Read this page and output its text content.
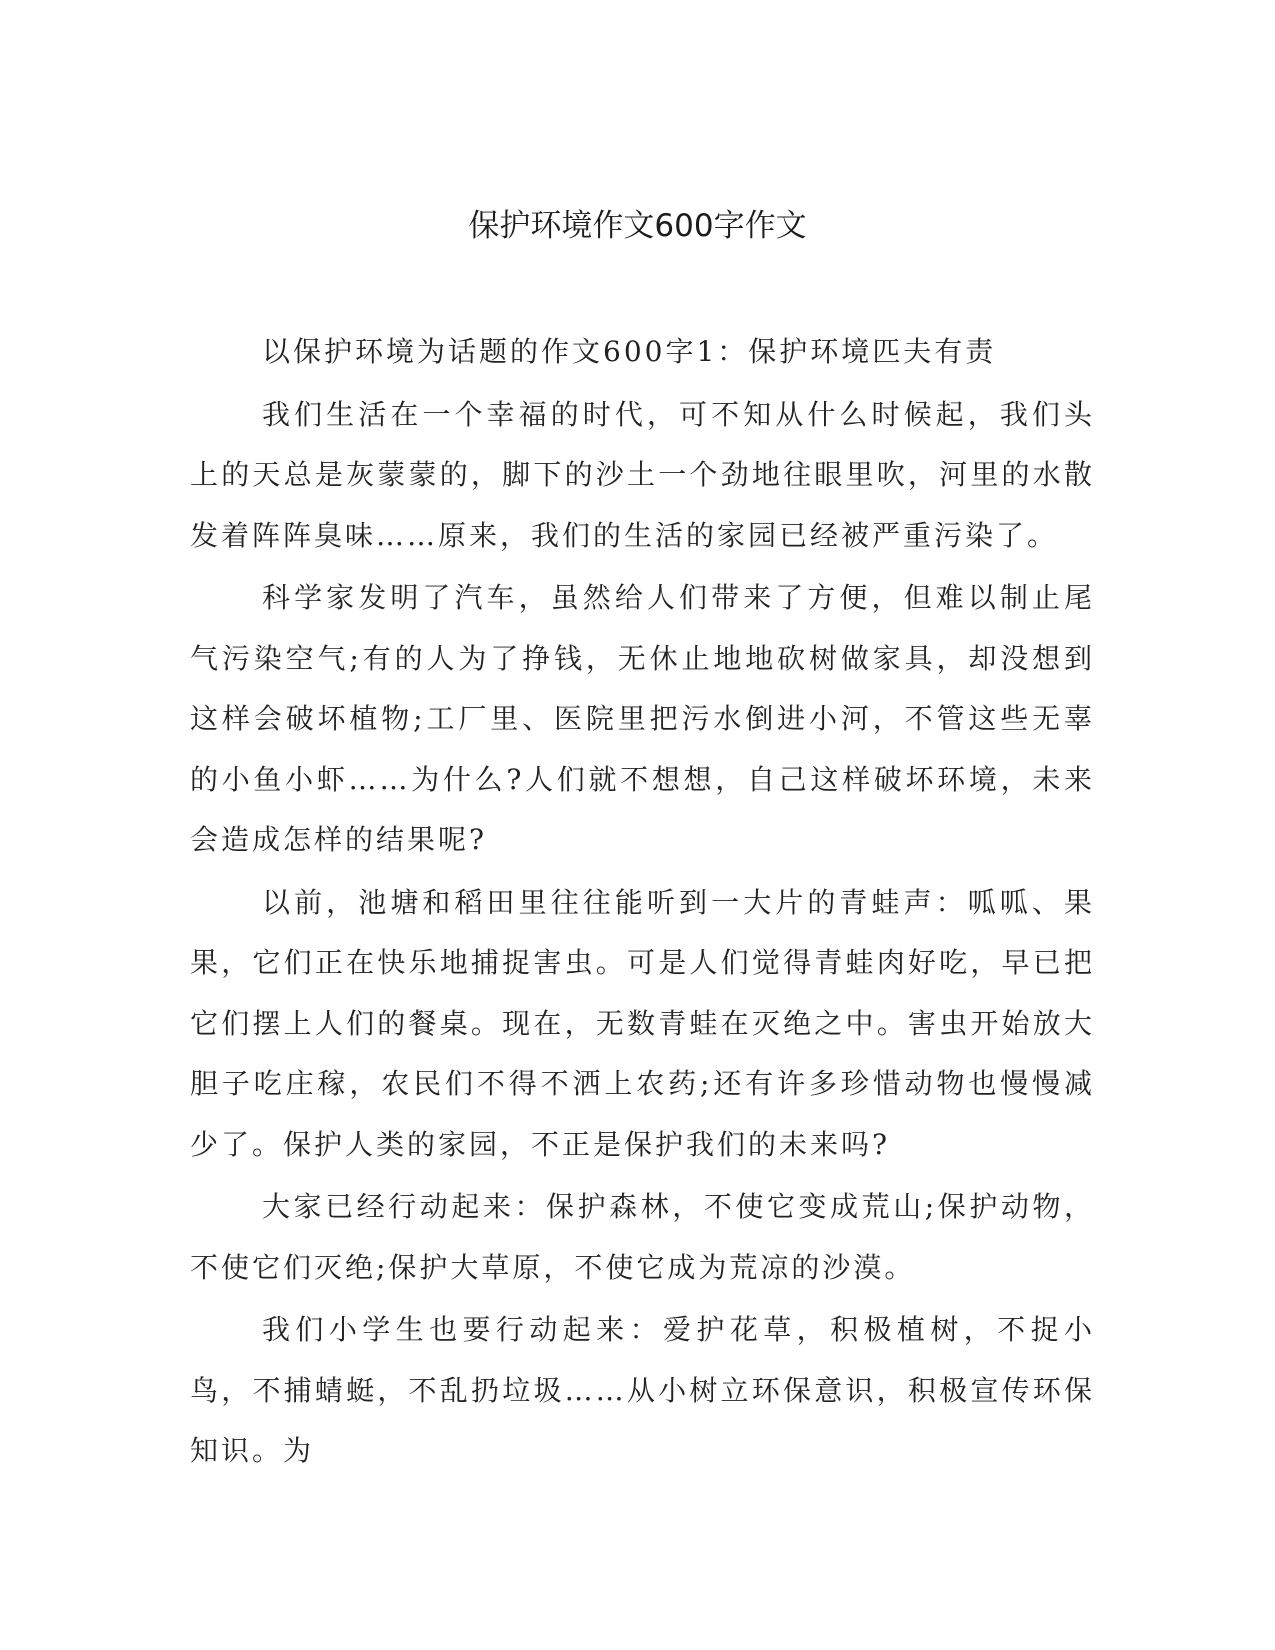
保护环境作文600字作文

以保护环境为话题的作文600字1：保护环境匹夫有责

我们生活在一个幸福的时代，可不知从什么时候起，我们头上的天总是灰蒙蒙的，脚下的沙土一个劲地往眼里吹，河里的水散发着阵阵臭味……原来，我们的生活的家园已经被严重污染了。

科学家发明了汽车，虽然给人们带来了方便，但难以制止尾气污染空气;有的人为了挣钱，无休止地地砍树做家具，却没想到这样会破坏植物;工厂里、医院里把污水倒进小河，不管这些无辜的小鱼小虾……为什么?人们就不想想，自己这样破坏环境，未来会造成怎样的结果呢?

以前，池塘和稻田里往往能听到一大片的青蛙声：呱呱、果果，它们正在快乐地捕捉害虫。可是人们觉得青蛙肉好吃，早已把它们摆上人们的餐桌。现在，无数青蛙在灭绝之中。害虫开始放大胆子吃庄稼，农民们不得不洒上农药;还有许多珍惜动物也慢慢减少了。保护人类的家园，不正是保护我们的未来吗?

大家已经行动起来：保护森林，不使它变成荒山;保护动物，不使它们灭绝;保护大草原，不使它成为荒凉的沙漠。

我们小学生也要行动起来：爱护花草，积极植树，不捉小鸟，不捕蜻蜓，不乱扔垃圾……从小树立环保意识，积极宣传环保知识。为
